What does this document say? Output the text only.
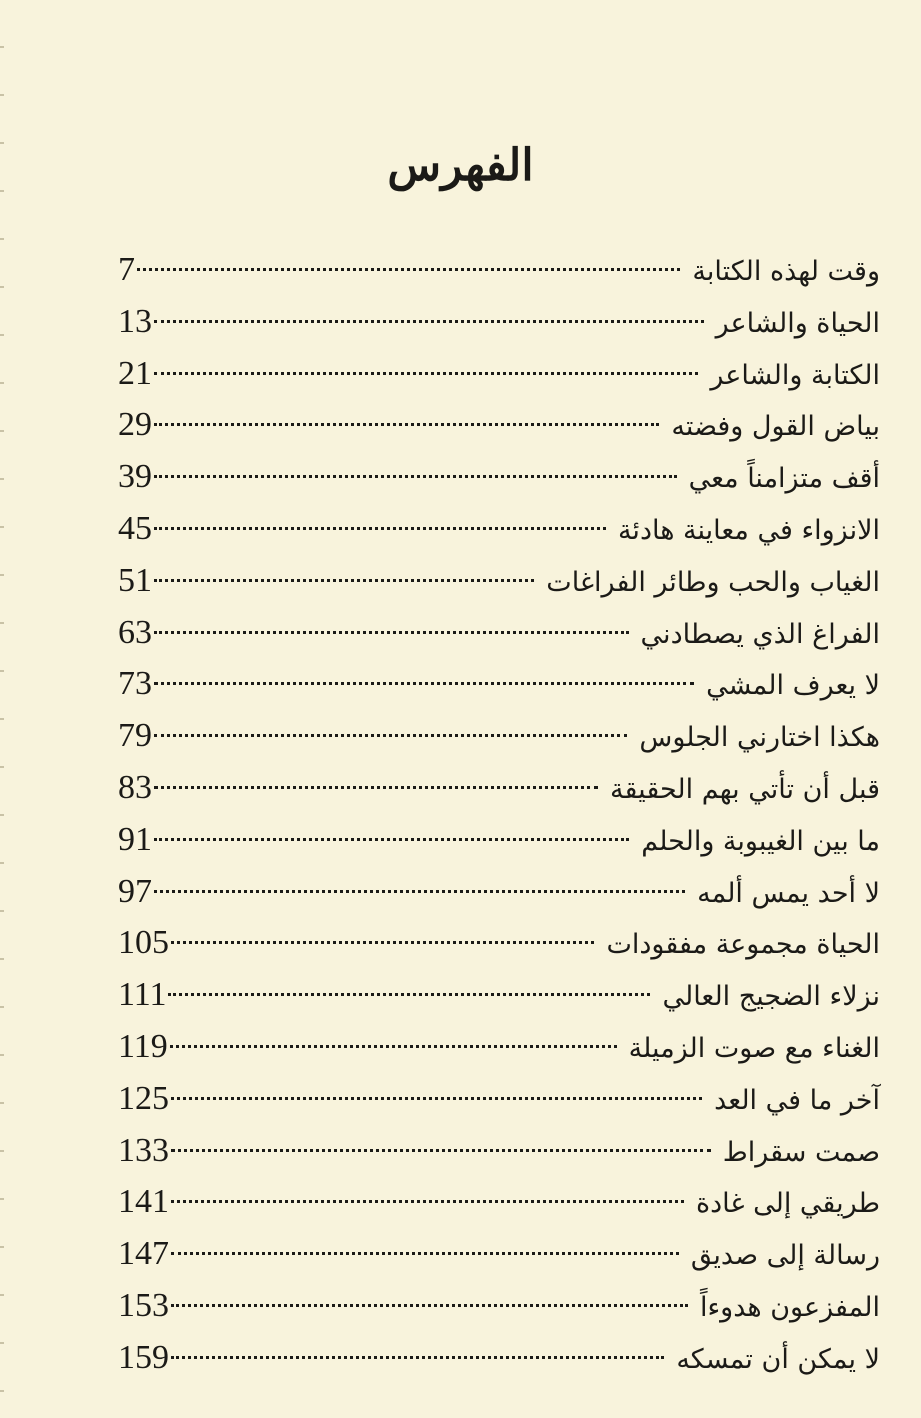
الفهرس
7	وقت لهذه الكتابة
13	الحياة والشاعر
21	الكتابة والشاعر
29	بياض القول وفضته
39	أقف متزامناً معي
45	الانزواء في معاينة هادئة
51	الغياب والحب وطائر الفراغات
63	الفراغ الذي يصطادني
73	لا يعرف المشي
79	هكذا اختارني الجلوس
83	قبل أن تأتي بهم الحقيقة
91	ما بين الغيبوبة والحلم
97	لا أحد يمس ألمه
105	الحياة مجموعة مفقودات
111	نزلاء الضجيج العالي
119	الغناء مع صوت الزميلة
125	آخر ما في العد
133	صمت سقراط
141	طريقي إلى غادة
147	رسالة إلى صديق
153	المفزعون هدوءاً
159	لا يمكن أن تمسكه
